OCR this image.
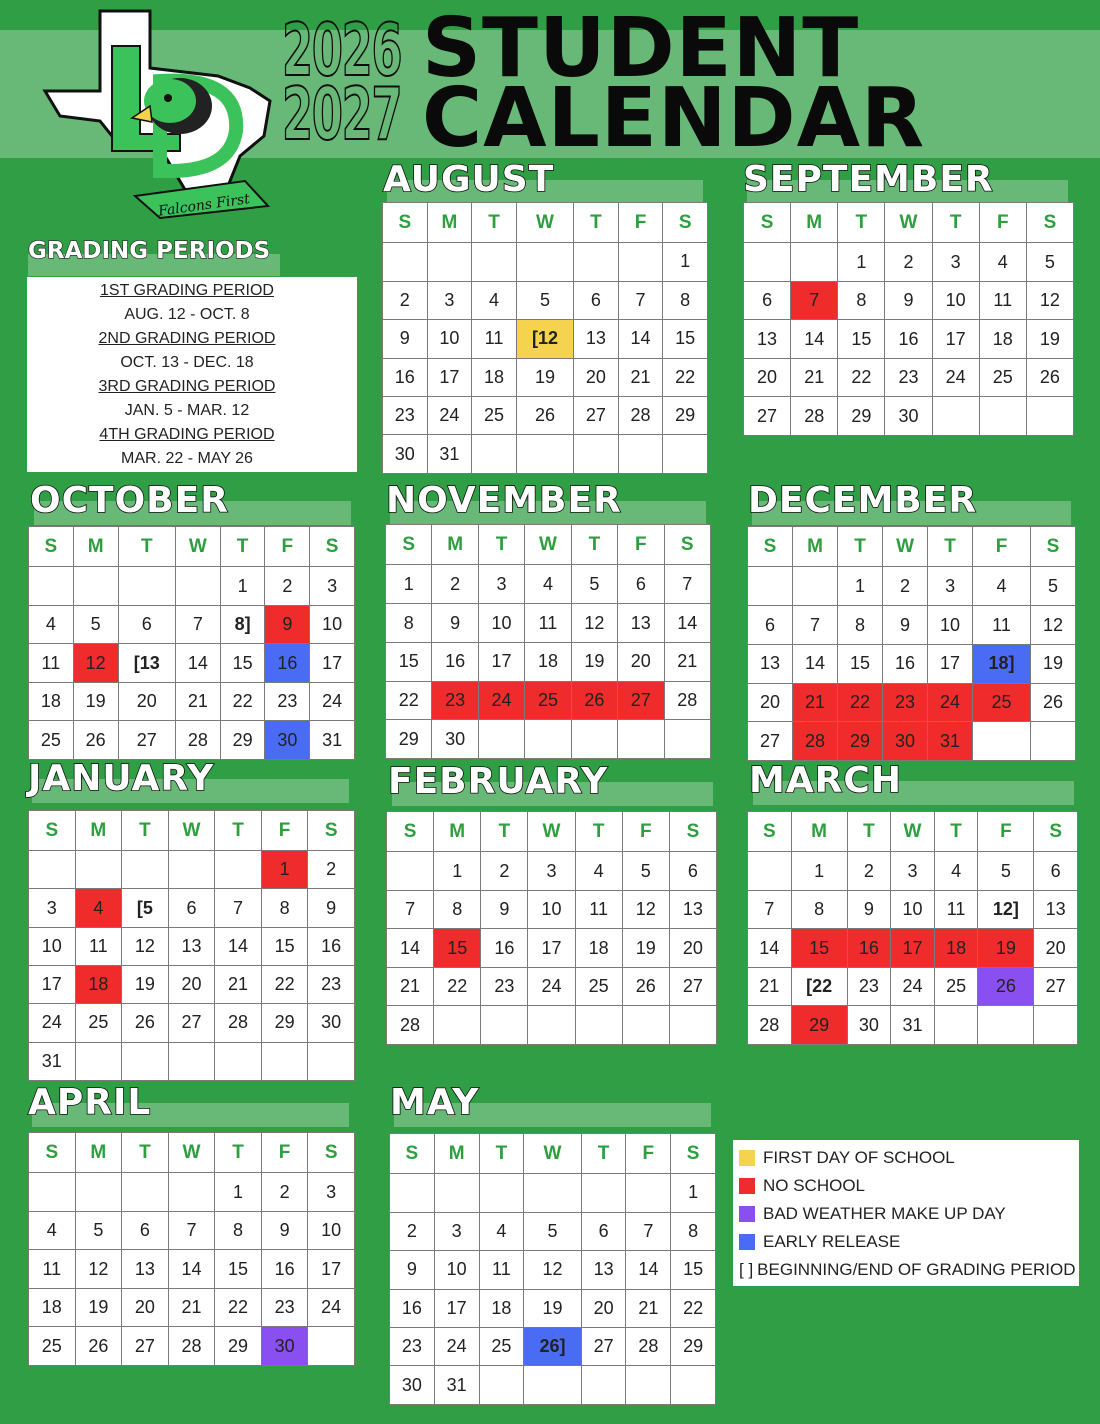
Falcons First
2026
2027
STUDENT
CALENDAR
GRADING PERIODS
1ST GRADING PERIOD
AUG. 12 - OCT. 8
2ND GRADING PERIOD
OCT. 13 - DEC. 18
3RD GRADING PERIOD
JAN. 5 - MAR. 12
4TH GRADING PERIOD
MAR. 22 - MAY 26
AUGUST
S	M	T	W	T	F	S
						1
2	3	4	5	6	7	8
9	10	11	[12	13	14	15
16	17	18	19	20	21	22
23	24	25	26	27	28	29
30	31					
SEPTEMBER
S	M	T	W	T	F	S
		1	2	3	4	5
6	7	8	9	10	11	12
13	14	15	16	17	18	19
20	21	22	23	24	25	26
27	28	29	30			
OCTOBER
S	M	T	W	T	F	S
				1	2	3
4	5	6	7	8]	9	10
11	12	[13	14	15	16	17
18	19	20	21	22	23	24
25	26	27	28	29	30	31
NOVEMBER
S	M	T	W	T	F	S
1	2	3	4	5	6	7
8	9	10	11	12	13	14
15	16	17	18	19	20	21
22	23	24	25	26	27	28
29	30					
DECEMBER
S	M	T	W	T	F	S
		1	2	3	4	5
6	7	8	9	10	11	12
13	14	15	16	17	18]	19
20	21	22	23	24	25	26
27	28	29	30	31		
JANUARY
S	M	T	W	T	F	S
					1	2
3	4	[5	6	7	8	9
10	11	12	13	14	15	16
17	18	19	20	21	22	23
24	25	26	27	28	29	30
31						
FEBRUARY
S	M	T	W	T	F	S
	1	2	3	4	5	6
7	8	9	10	11	12	13
14	15	16	17	18	19	20
21	22	23	24	25	26	27
28						
MARCH
S	M	T	W	T	F	S
	1	2	3	4	5	6
7	8	9	10	11	12]	13
14	15	16	17	18	19	20
21	[22	23	24	25	26	27
28	29	30	31			
APRIL
S	M	T	W	T	F	S
				1	2	3
4	5	6	7	8	9	10
11	12	13	14	15	16	17
18	19	20	21	22	23	24
25	26	27	28	29	30	
MAY
S	M	T	W	T	F	S
						1
2	3	4	5	6	7	8
9	10	11	12	13	14	15
16	17	18	19	20	21	22
23	24	25	26]	27	28	29
30	31					
FIRST DAY OF SCHOOL
NO SCHOOL
BAD WEATHER MAKE UP DAY
EARLY RELEASE
[ ] BEGINNING/END OF GRADING PERIOD
